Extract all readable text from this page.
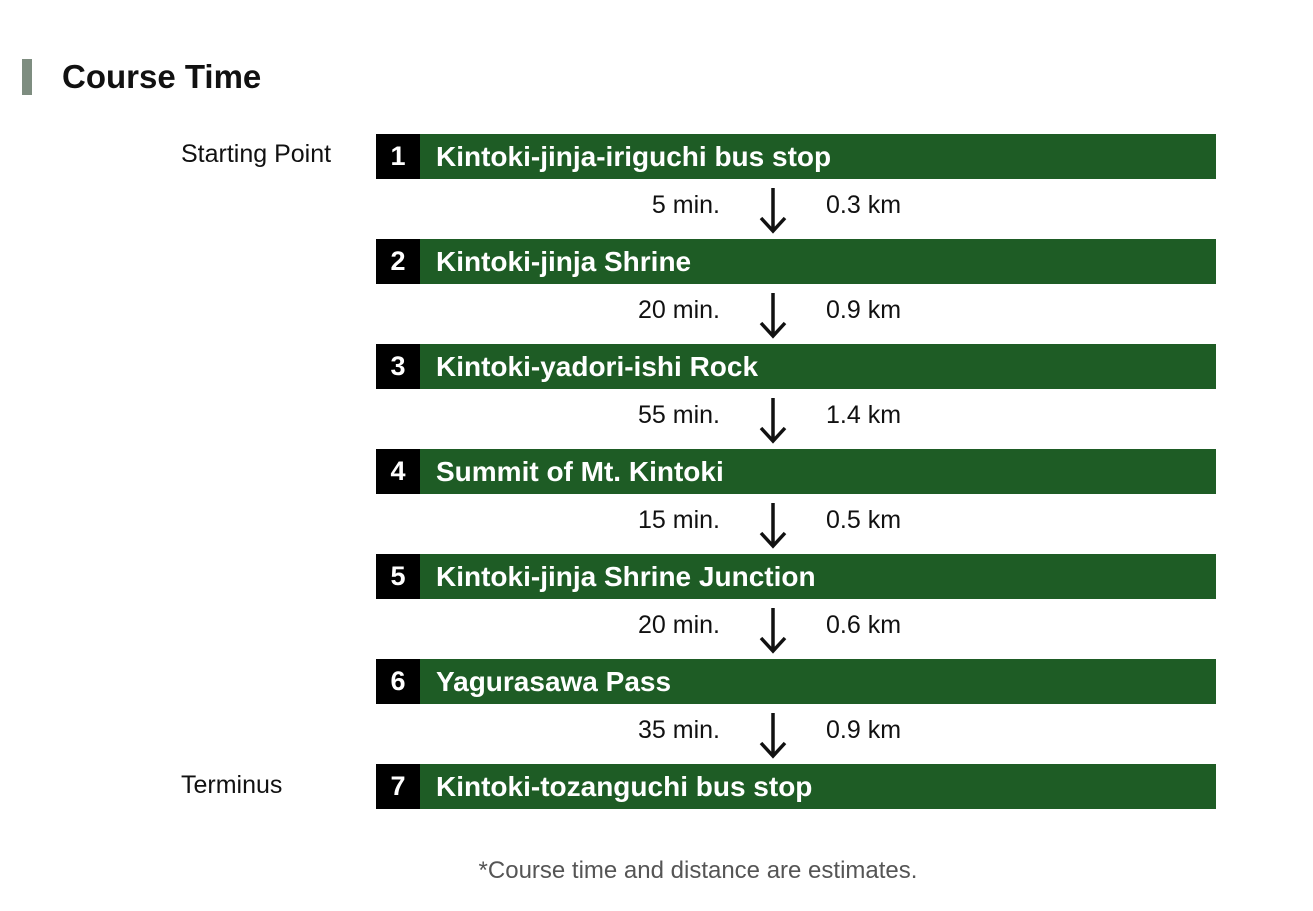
Course Time
Starting Point
Terminus
1	Kintoki-jinja-iriguchi bus stop
2	Kintoki-jinja Shrine
3	Kintoki-yadori-ishi Rock
4	Summit of Mt. Kintoki
5	Kintoki-jinja Shrine Junction
6	Yagurasawa Pass
7	Kintoki-tozanguchi bus stop
5 min.	0.3 km
20 min.	0.9 km
55 min.	1.4 km
15 min.	0.5 km
20 min.	0.6 km
35 min.	0.9 km
*Course time and distance are estimates.
